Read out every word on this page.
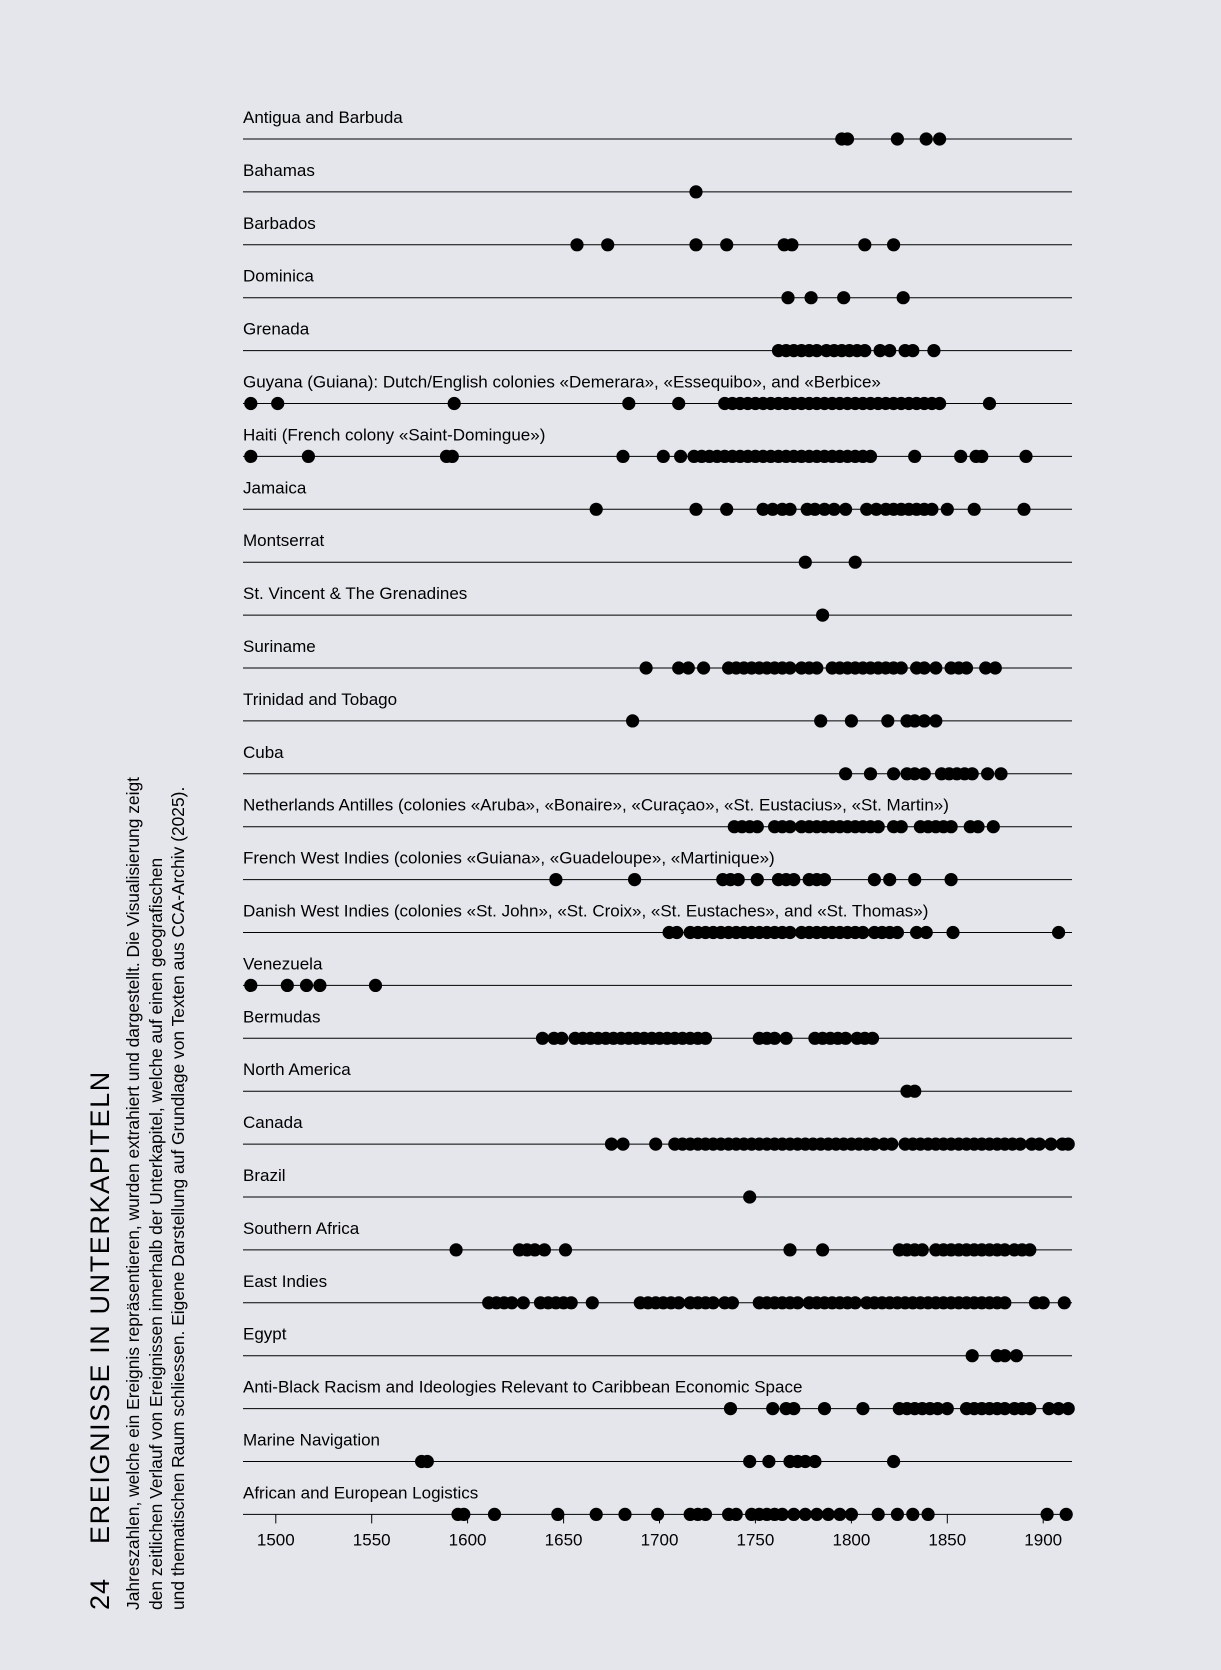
Antigua and Barbuda
Bahamas
Barbados
Dominica
Grenada
Guyana (Guiana): Dutch/English colonies «Demerara», «Essequibo», and «Berbice»
Haiti (French colony «Saint-Domingue»)
Jamaica
Montserrat
St. Vincent & The Grenadines
Suriname
Trinidad and Tobago
Cuba
Netherlands Antilles (colonies «Aruba», «Bonaire», «Curaçao», «St. Eustacius», «St. Martin»)
French West Indies (colonies «Guiana», «Guadeloupe», «Martinique»)
Danish West Indies (colonies «St. John», «St. Croix», «St. Eustaches», and «St. Thomas»)
Venezuela
Bermudas
North America
Canada
Brazil
Southern Africa
East Indies
Egypt
Anti-Black Racism and Ideologies Relevant to Caribbean Economic Space
Marine Navigation
African and European Logistics
1500	1550	1600	1650	1700	1750	1800	1850	1900
24
EREIGNISSE IN UNTERKAPITELN Jahreszahlen, welche ein Ereignis repräsentieren, wurden extrahiert und dargestellt. Die Visualisierung zeigt den zeitlichen Verlauf von Ereignissen innerhalb der Unterkapitel, welche auf einen geografischen und thematischen Raum schliessen. Eigene Darstellung auf Grundlage von Texten aus CCA-Archiv (2025).
